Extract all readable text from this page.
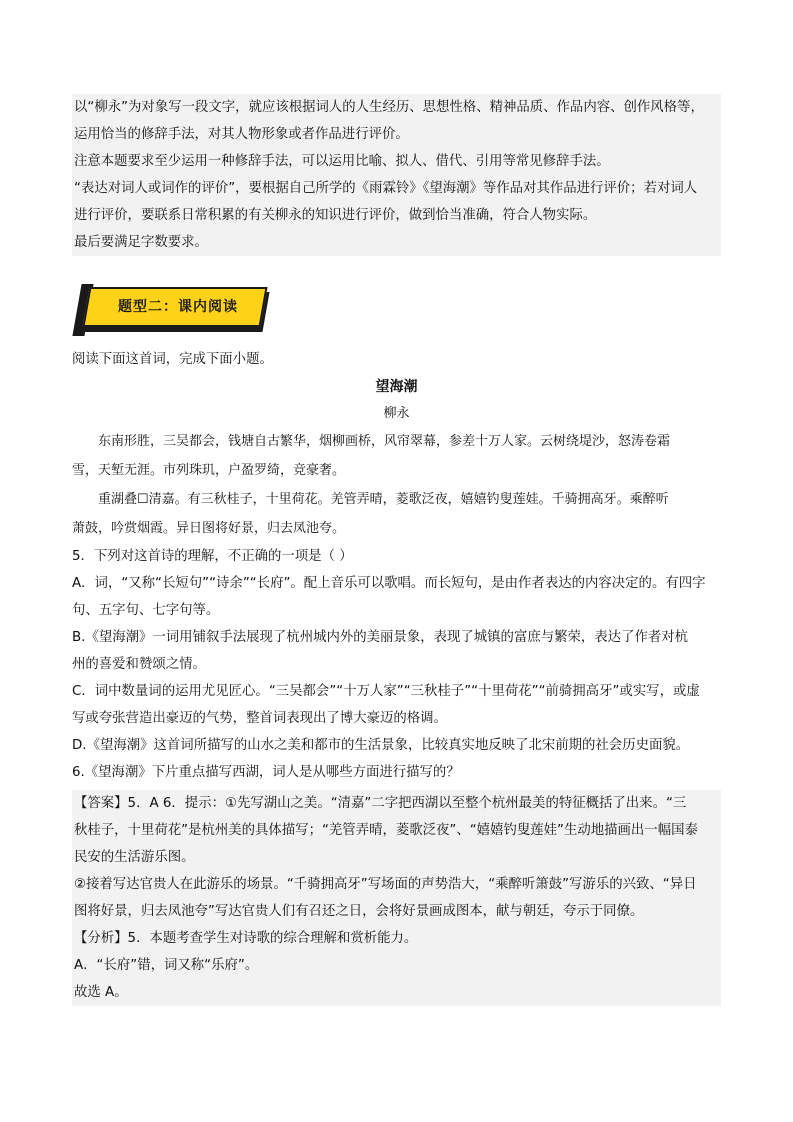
以“柳永”为对象写一段文字，就应该根据词人的人生经历、思想性格、精神品质、作品内容、创作风格等，
运用恰当的修辞手法，对其人物形象或者作品进行评价。
注意本题要求至少运用一种修辞手法，可以运用比喻、拟人、借代、引用等常见修辞手法。
“表达对词人或词作的评价”，要根据自己所学的《雨霖铃》《望海潮》等作品对其作品进行评价；若对词人
进行评价，要联系日常积累的有关柳永的知识进行评价，做到恰当准确，符合人物实际。
最后要满足字数要求。
题型二：课内阅读
阅读下面这首词，完成下面小题。
望海潮
柳永
东南形胜，三吴都会，钱塘自古繁华，烟柳画桥，风帘翠幕，参差十万人家。云树绕堤沙，怒涛卷霜
雪，天堑无涯。市列珠玑，户盈罗绮，竞豪奢。
重湖叠☐清嘉。有三秋桂子，十里荷花。羌管弄晴，菱歌泛夜，嬉嬉钓叟莲娃。千骑拥高牙。乘醉听
萧鼓，吟赏烟霞。异日图将好景，归去凤池夸。
5．下列对这首诗的理解，不正确的一项是（ ）
A．词，“又称“长短句”“诗余”“长府”。配上音乐可以歌唱。而长短句，是由作者表达的内容决定的。有四字
句、五字句、七字句等。
B.《望海潮》一词用铺叙手法展现了杭州城内外的美丽景象，表现了城镇的富庶与繁荣，表达了作者对杭
州的喜爱和赞颂之情。
C．词中数量词的运用尤见匠心。“三吴都会”“十万人家”“三秋桂子”“十里荷花”“前骑拥高牙”或实写，或虚
写或夸张营造出豪迈的气势，整首词表现出了博大豪迈的格调。
D.《望海潮》这首词所描写的山水之美和都市的生活景象，比较真实地反映了北宋前期的社会历史面貌。
6.《望海潮》下片重点描写西湖，词人是从哪些方面进行描写的？
【答案】5．A 6．提示：①先写湖山之美。“清嘉”二字把西湖以至整个杭州最美的特征概括了出来。“三
秋桂子，十里荷花”是杭州美的具体描写；“羌管弄晴，菱歌泛夜”、“嬉嬉钓叟莲娃”生动地描画出一幅国泰
民安的生活游乐图。
②接着写达官贵人在此游乐的场景。“千骑拥高牙”写场面的声势浩大，“乘醉听箫鼓”写游乐的兴致、“异日
图将好景，归去凤池夸”写达官贵人们有召还之日，会将好景画成图本，献与朝廷，夸示于同僚。
【分析】5．本题考查学生对诗歌的综合理解和赏析能力。
A．“长府”错，词又称“乐府”。
故选 A。
